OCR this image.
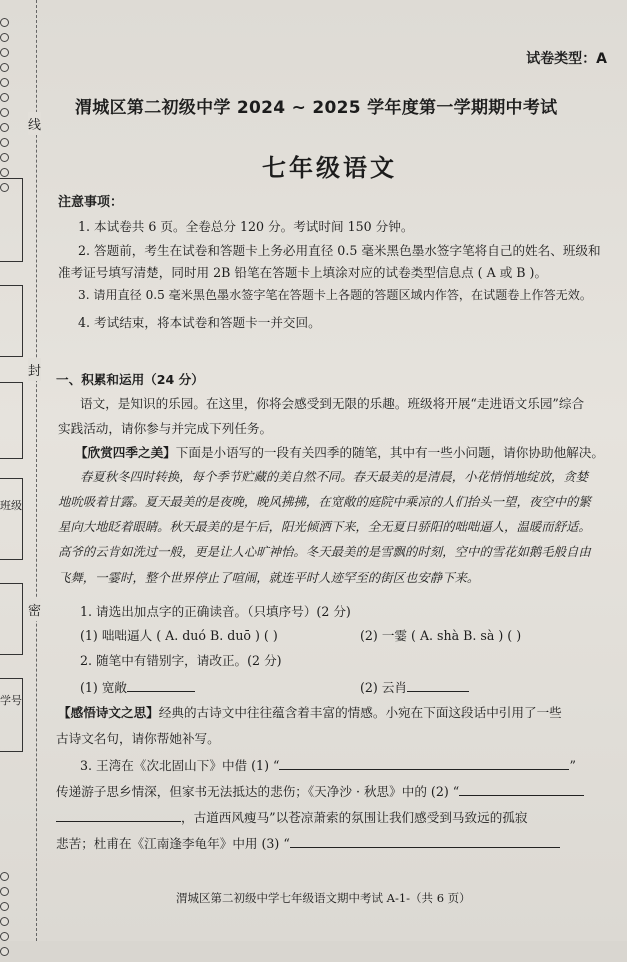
线
封
密
班级
学号
试卷类型：A
渭城区第二初级中学 2024 ~ 2025 学年度第一学期期中考试
七年级语文
注意事项：
1. 本试卷共 6 页。全卷总分 120 分。考试时间 150 分钟。
2. 答题前，考生在试卷和答题卡上务必用直径 0.5 毫米黑色墨水签字笔将自己的姓名、班级和
准考证号填写清楚，同时用 2B 铅笔在答题卡上填涂对应的试卷类型信息点 ( A 或 B )。
3. 请用直径 0.5 毫米黑色墨水签字笔在答题卡上各题的答题区域内作答，在试题卷上作答无效。
4. 考试结束，将本试卷和答题卡一并交回。
一、积累和运用（24 分）
语文，是知识的乐园。在这里，你将会感受到无限的乐趣。班级将开展“走进语文乐园”综合
实践活动，请你参与并完成下列任务。
【欣赏四季之美】下面是小语写的一段有关四季的随笔，其中有一些小问题，请你协助他解决。
春夏秋冬四时转换，每个季节贮藏的美自然不同。春天最美的是清晨，小花悄悄地绽放，贪婪
地吮吸着甘露。夏天最美的是夜晚，晚风拂拂，在宽敞的庭院中乘凉的人们抬头一望，夜空中的繁
星向大地眨着眼睛。秋天最美的是午后，阳光倾洒下来，全无夏日骄阳的咄咄逼人，温暖而舒适。
高爷的云肯如洗过一般，更是让人心旷神怡。冬天最美的是雪飘的时刻，空中的雪花如鹅毛般自由
飞舞，一霎时，整个世界停止了喧闹，就连平时人迹罕至的街区也安静下来。
1. 请选出加点字的正确读音。（只填序号）(2 分)
(1) 咄咄逼人 ( A. duó B. duō ) ( )	(2) 一霎 ( A. shà B. sà ) ( )
2. 随笔中有错别字，请改正。(2 分)
(1) 宽敞	(2) 云肖
【感悟诗文之思】经典的古诗文中往往蕴含着丰富的情感。小宛在下面这段话中引用了一些
古诗文名句，请你帮她补写。
3. 王湾在《次北固山下》中借 (1) “	”
传递游子思乡情深，但家书无法抵达的悲伤；《天净沙 · 秋思》中的 (2) “
，古道西风瘦马”以苍凉萧索的氛围让我们感受到马致远的孤寂
悲苦；杜甫在《江南逢李龟年》中用 (3) “
渭城区第二初级中学七年级语文期中考试 A-1-（共 6 页）
